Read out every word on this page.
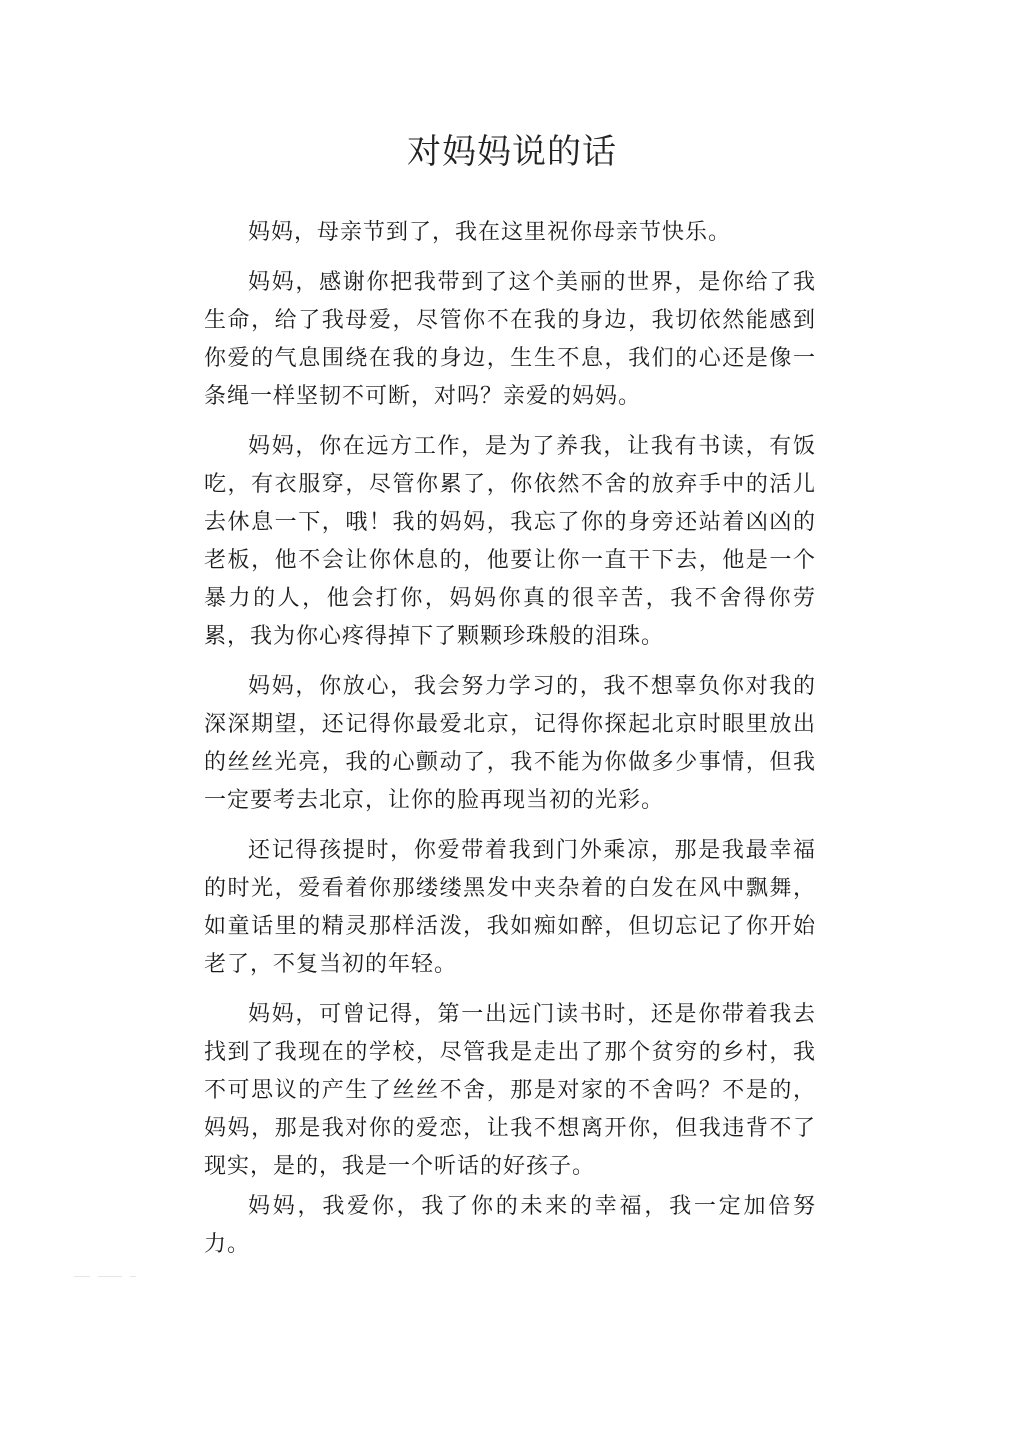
对妈妈说的话

妈妈，母亲节到了，我在这里祝你母亲节快乐。

妈妈，感谢你把我带到了这个美丽的世界，是你给了我生命，给了我母爱，尽管你不在我的身边，我切依然能感到你爱的气息围绕在我的身边，生生不息，我们的心还是像一条绳一样坚韧不可断，对吗？亲爱的妈妈。

妈妈，你在远方工作，是为了养我，让我有书读，有饭吃，有衣服穿，尽管你累了，你依然不舍的放弃手中的活儿去休息一下，哦！我的妈妈，我忘了你的身旁还站着凶凶的老板，他不会让你休息的，他要让你一直干下去，他是一个暴力的人，他会打你，妈妈你真的很辛苦，我不舍得你劳累，我为你心疼得掉下了颗颗珍珠般的泪珠。

妈妈，你放心，我会努力学习的，我不想辜负你对我的深深期望，还记得你最爱北京，记得你探起北京时眼里放出的丝丝光亮，我的心颤动了，我不能为你做多少事情，但我一定要考去北京，让你的脸再现当初的光彩。

还记得孩提时，你爱带着我到门外乘凉，那是我最幸福的时光，爱看着你那缕缕黑发中夹杂着的白发在风中飘舞，如童话里的精灵那样活泼，我如痴如醉，但切忘记了你开始老了，不复当初的年轻。

妈妈，可曾记得，第一出远门读书时，还是你带着我去找到了我现在的学校，尽管我是走出了那个贫穷的乡村，我不可思议的产生了丝丝不舍，那是对家的不舍吗？不是的，妈妈，那是我对你的爱恋，让我不想离开你，但我违背不了现实，是的，我是一个听话的好孩子。

妈妈，我爱你，我了你的未来的幸福，我一定加倍努力。
